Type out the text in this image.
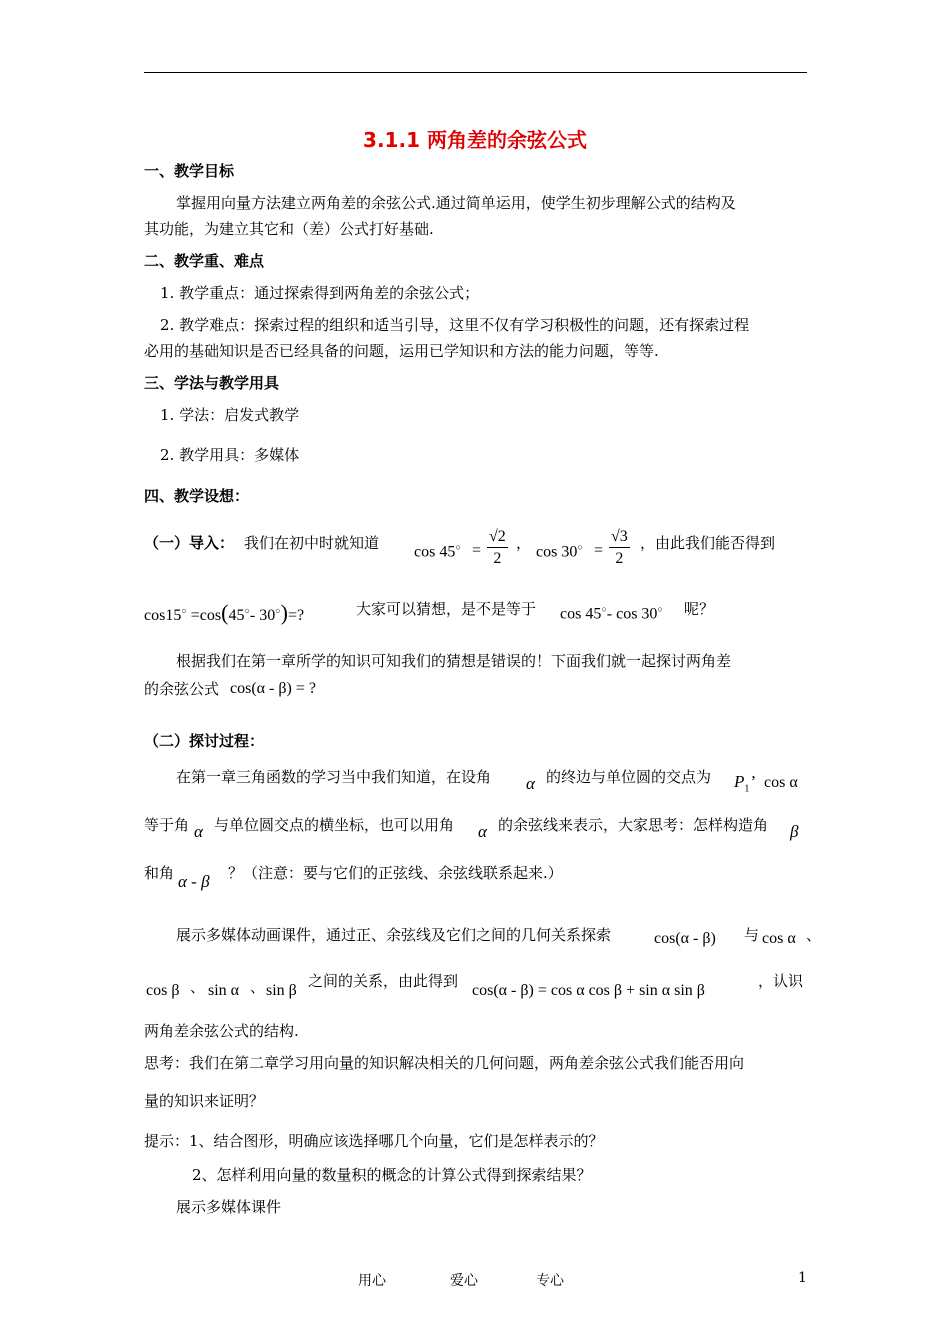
3.1.1 两角差的余弦公式
一、教学目标
掌握用向量方法建立两角差的余弦公式.通过简单运用，使学生初步理解公式的结构及
其功能，为建立其它和（差）公式打好基础.
二、教学重、难点
1. 教学重点：通过探索得到两角差的余弦公式；
2. 教学难点：探索过程的组织和适当引导，这里不仅有学习积极性的问题，还有探索过程
必用的基础知识是否已经具备的问题，运用已学知识和方法的能力问题，等等.
三、学法与教学用具
1. 学法：启发式教学
2. 教学用具：多媒体
四、教学设想：
（一）导入： 我们在初中时就知道 $\cos 45^○ = \frac{√2}{2}$ ， $\cos 30^○ = \frac{√3}{2}$ ，由此我们能否得到
cos15○ =cos(45○- 30○)=?	大家可以猜想，是不是等于 cos 45○- cos 30○ 呢？
根据我们在第一章所学的知识可知我们的猜想是错误的！下面我们就一起探讨两角差
的余弦公式 cos(α - β) = ?
（二）探讨过程：
在第一章三角函数的学习当中我们知道，在设角 α 的终边与单位圆的交点为 $P_1$’ cos α
等于角 α 与单位圆交点的横坐标，也可以用角 α 的余弦线来表示，大家思考：怎样构造角 β
和角 α - β ？（注意：要与它们的正弦线、余弦线联系起来.）
展示多媒体动画课件，通过正、余弦线及它们之间的几何关系探索	cos(α - β) 与 cos α 、
cos β 、 sin α 、 sin β
之间的关系，由此得到
cos(α - β) = cos α cos β + sin α sin β
，认识
两角差余弦公式的结构.
思考：我们在第二章学习用向量的知识解决相关的几何问题，两角差余弦公式我们能否用向
量的知识来证明？
提示：1、结合图形，明确应该选择哪几个向量，它们是怎样表示的？
2、怎样利用向量的数量积的概念的计算公式得到探索结果？
展示多媒体课件
用心	爱心	专心	1
